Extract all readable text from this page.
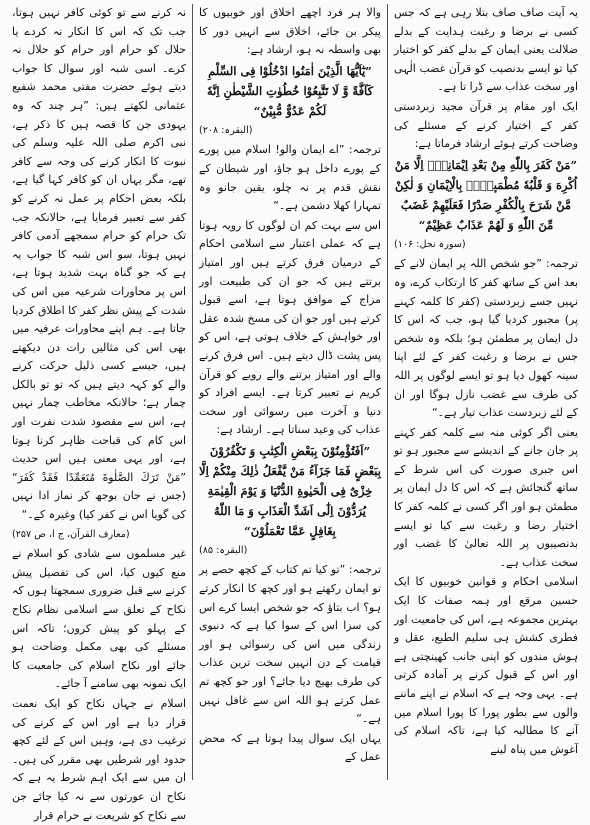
یہ آیت صاف صاف بتلا رہی ہے کہ جس کسی نے برضا و رغبت ہدایت کے بدلے ضلالت یعنی ایمان کے بدلے کفر کو اختیار کیا تو ایسے بدنصیب کو قرآن غضب الٰہی اور سخت عذاب سے ڈرا تا ہے۔

ایک اور مقام پر قرآن مجید زبردستی کفر کے اختیار کرنے کے مسئلے کی وضاحت کرتے ہوئے ارشاد فرماتا ہے:

”مَنْ كَفَرَ بِاللّٰهِ مِنْ بَعْدِ اِیْمَانِهٖٓ اِلَّا مَنْ اُكْرِهَ وَ قَلْبُهٗ مُطْمَىٕنٌّۢ بِالْاِیْمَانِ وَ لٰكِنْ مَّنْ شَرَحَ بِالْكُفْرِ صَدْرًا فَعَلَیْهِمْ غَضَبٌ مِّنَ اللّٰهِ وَ لَهُمْ عَذَابٌ عَظِیْمٌ“

(سورہ نحل: ۱۰۶)

ترجمہ: ”جو شخص اللہ پر ایمان لانے کے بعد اس کے ساتھ کفر کا ارتکاب کرے، وہ نہیں جسے زبردستی (کفر کا کلمہ کہنے پر) مجبور کردیا گیا ہو، جب کہ اس کا دل ایمان پر مطمئن ہو؛ بلکہ وہ شخص جس نے برضا و رغبت کفر کے لئے اپنا سینہ کھول دیا ہو تو ایسے لوگوں پر اللہ کی طرف سے غضب نازل ہوگا اور ان کے لئے زبردست عذاب تیار ہے۔“

یعنی اگر کوئی منہ سے کلمہ کفر کہنے پر جان جانے کے اندیشے سے مجبور ہو تو اس جبری صورت کی اس شرط کے ساتھ گنجائش ہے کہ اس کا دل ایمان پر مطمئن ہو اور اگر کسی نے کلمہ کفر کا اختیار رضا و رغبت سے کیا تو ایسے بدنصیبوں پر اللہ تعالیٰ کا غضب اور سخت عذاب ہے۔

اسلامی احکام و قوانین خوبیوں کا ایک حسین مرقع اور ہمہ صفات کا ایک بہترین مجموعہ ہے، اس کی جامعیت اور فطری کشش ہی سلیم الطبع، عقل و ہوش مندوں کو اپنی جانب کھینچتی ہے اور اس کے قبول کرنے پر آمادہ کرتی ہے۔ یہی وجہ ہے کہ اسلام نے اپنے ماننے والوں سے بطور پورا کا پورا اسلام میں آنے کا مطالبہ کیا ہے، تاکہ اسلام کی آغوش میں پناہ لینے

والا ہر فرد اچھے اخلاق اور خوبیوں کا پیکر بن جائے، اخلاق سے انہیں دور کا بھی واسطہ نہ ہو، ارشاد ہے:

”یٰٓاَیُّهَا الَّذِیْنَ اٰمَنُوا ادْخُلُوْا فِی السِّلْمِ كَآفَّةً وَّ لَا تَتَّبِعُوْا خُطُوٰتِ الشَّیْطٰنِ اِنَّهٗ لَكُمْ عَدُوٌّ مُّبِیْنٌ“

(البقرہ: ۲۰۸)

ترجمہ: ”اے ایمان والو! اسلام میں پورے کے پورے داخل ہو جاؤ، اور شیطان کے نقش قدم پر نہ چلو، یقین جانو وہ تمہارا کھلا دشمن ہے۔“

اس سے بہت کم ان لوگوں کا رویہ ہوتا ہے کہ عملی اعتبار سے اسلامی احکام کے درمیان فرق کرتے ہیں اور امتیاز برتتے ہیں کہ جو ان کی طبیعت اور مزاج کے موافق ہوتا ہے، اسے قبول کرتے ہیں اور جو ان کی مسخ شدہ عقل اور خواہش کے خلاف ہوتی ہے، اس کو پس پشت ڈال دیتے ہیں۔ اس فرق کرنے والے اور امتیاز برتنے والے رویے کو قرآن کریم نے تعبیر کرتا ہے۔ ایسے افراد کو دنیا و آخرت میں رسوائی اور سخت عذاب کی وعید سناتا ہے۔ ارشاد ہے:

”اَفَتُؤْمِنُوْنَ بِبَعْضِ الْكِتٰبِ وَ تَكْفُرُوْنَ بِبَعْضٍ فَمَا جَزَآءُ مَنْ یَّفْعَلُ ذٰلِكَ مِنْكُمْ اِلَّا خِزْیٌ فِی الْحَیٰوةِ الدُّنْیَا وَ یَوْمَ الْقِیٰمَةِ یُرَدُّوْنَ اِلٰٓى اَشَدِّ الْعَذَابِ وَ مَا اللّٰهُ بِغَافِلٍ عَمَّا تَعْمَلُوْنَ“

(البقرہ: ۸۵)

ترجمہ: ”تو کیا تم کتاب کے کچھ حصے پر تو ایمان رکھتے ہو اور کچھ کا انکار کرتے ہو؟ اب بتاؤ کہ جو شخص ایسا کرے اس کی سزا اس کے سوا کیا ہے کہ دنیوی زندگی میں اس کی رسوائی ہو اور قیامت کے دن انہیں سخت ترین عذاب کی طرف بھیج دیا جائے؟ اور جو کچھ تم عمل کرتے ہو اللہ اس سے غافل نہیں ہے۔“

یہاں ایک سوال پیدا ہوتا ہے کہ محض عمل کے

نہ کرنے سے تو کوئی کافر نہیں ہوتا، جب تک کہ اس کا انکار نہ کردے یا حلال کو حرام اور حرام کو حلال نہ کرے۔ اسی شبہ اور سوال کا جواب دیتے ہوئے حضرت مفتی محمد شفیع عثمانی لکھتے ہیں: ”ہر چند کہ وہ یہودی جن کا قصہ ہیں کا ذکر ہے، نبی اکرم صلی اللہ علیہ وسلم کی نبوت کا انکار کرنے کی وجہ سے کافر تھے، مگر یہاں ان کو کافر کہا گیا ہے، بلکہ بعض احکام پر عمل نہ کرنے کو کفر سے تعبیر فرمایا ہے، حالانکہ جب تک حرام کو حرام سمجھے آدمی کافر نہیں ہوتا، سو اس شبہ کا جواب یہ ہے کہ جو گناہ بہت شدید ہوتا ہے، اس پر محاورات شرعیہ میں اس کی شدت کے پیش نظر کفر کا اطلاق کردیا جاتا ہے۔ ہم اپنے محاورات عرفیہ میں بھی اس کی مثالیں رات دن دیکھتے ہیں، جیسے کسی ذلیل حرکت کرنے والے کو کہہ دیتے ہیں کہ تو تو بالکل چمار ہے؛ حالانکہ مخاطب چمار نہیں ہے، اس سے مقصود شدت نفرت اور اس کام کی قباحت ظاہر کرنا ہوتا ہے، اور یہی معنی ہیں اس حدیث ”مَنْ تَرَكَ الصَّلٰوةَ مُتَعَمِّدًا فَقَدْ كَفَرَ“ (جس نے جان بوجھ کر نماز ادا نہیں کی گویا اس نے کفر کیا) وغیرہ کے۔“

(معارف القرآن، ج ا، ص ۲۵۷)

غیر مسلموں سے شادی کو اسلام نے منع کیوں کیا، اس کی تفصیل پیش کرنے سے قبل ضروری سمجھتا ہوں کہ نکاح کے تعلق سے اسلامی نظام نکاح کے پہلو کو پیش کروں؛ تاکہ اس مسئلے کی بھی مکمل وضاحت ہو جائے اور نکاح اسلام کی جامعیت کا ایک نمونہ بھی سامنے آ جائے۔

اسلام نے جہاں نکاح کو ایک نعمت قرار دیا ہے اور اس کے کرنے کی ترغیب دی ہے، وہیں اس کے لئے کچھ حدود اور شرطیں بھی مقرر کی ہیں۔ ان میں سے ایک اہم شرط یہ ہے کہ نکاح ان عورتوں سے نہ کیا جائے جن سے نکاح کو شریعت نے حرام قرار
